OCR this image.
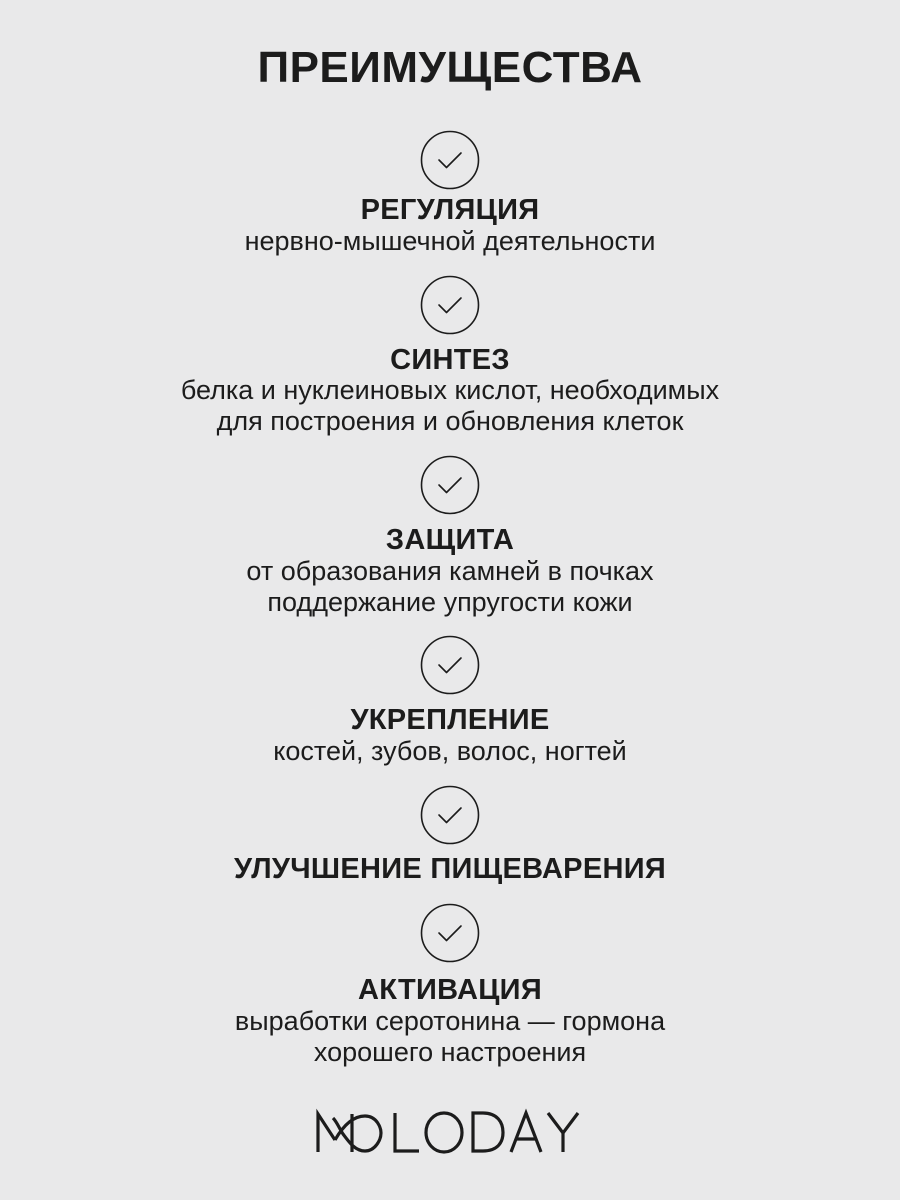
ПРЕИМУЩЕСТВА
РЕГУЛЯЦИЯ
нервно-мышечной деятельности
СИНТЕЗ
белка и нуклеиновых кислот, необходимых
для построения и обновления клеток
ЗАЩИТА
от образования камней в почках
поддержание упругости кожи
УКРЕПЛЕНИЕ
костей, зубов, волос, ногтей
УЛУЧШЕНИЕ ПИЩЕВАРЕНИЯ
АКТИВАЦИЯ
выработки серотонина — гормона
хорошего настроения
